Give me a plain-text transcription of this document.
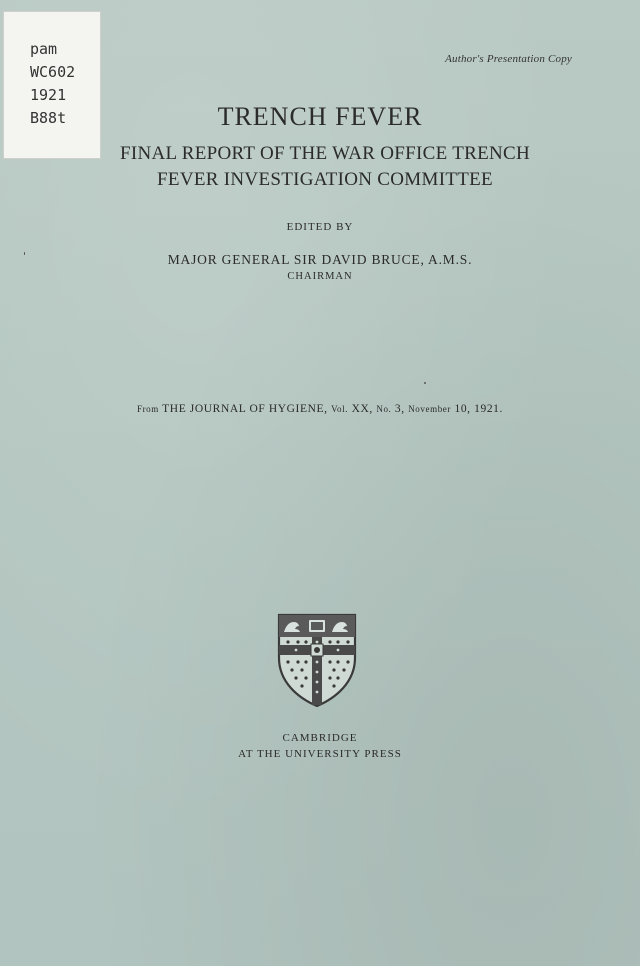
pam
WC602
1921
B88t
Author's Presentation Copy
TRENCH FEVER
FINAL REPORT OF THE WAR OFFICE TRENCH
FEVER INVESTIGATION COMMITTEE
EDITED BY
MAJOR GENERAL SIR DAVID BRUCE, A.M.S.
CHAIRMAN
From THE JOURNAL OF HYGIENE, Vol. XX, No. 3, November 10, 1921.
CAMBRIDGE
AT THE UNIVERSITY PRESS
